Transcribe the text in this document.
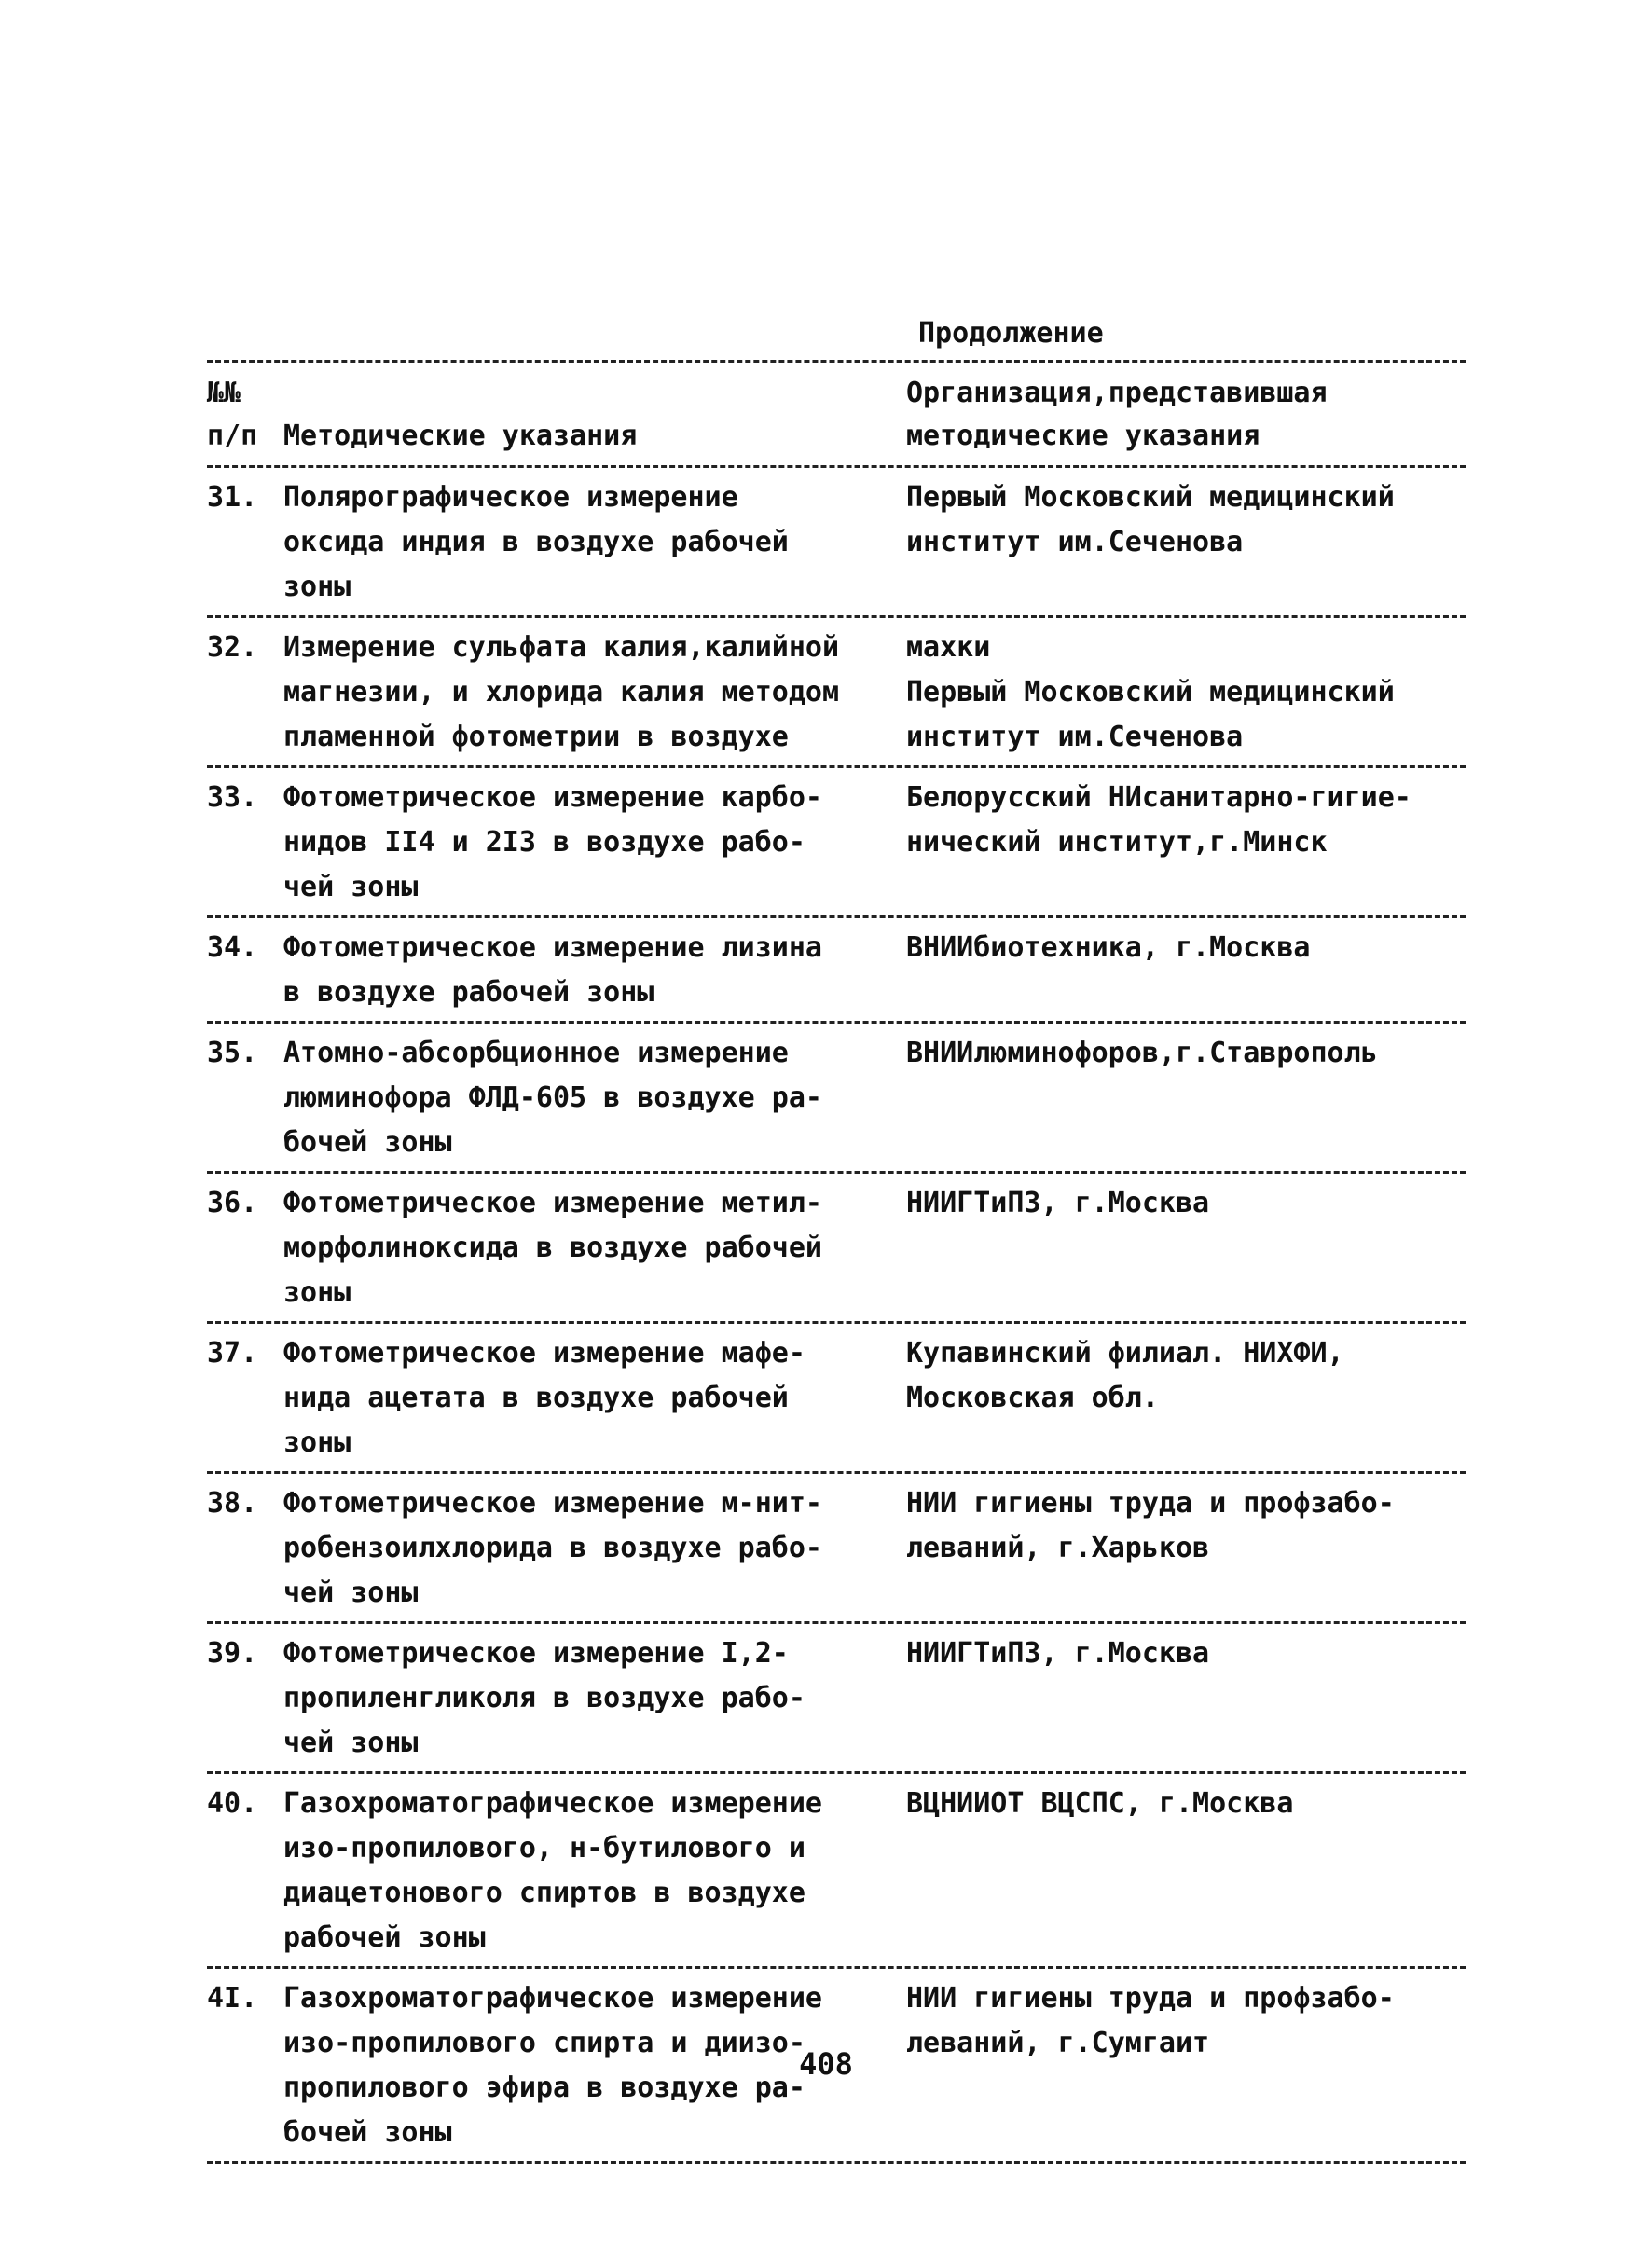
Продолжение
№№
п/п Методические указания
Организация,представившая
методические указания
31. Полярографическое измерение
оксида индия в воздухе рабочей
зоны
Первый Московский медицинский
институт им.Сеченова
32. Измерение сульфата калия,калийной
магнезии, и хлорида калия методом
пламенной фотометрии в воздухе
махки
Первый Московский медицинский
институт им.Сеченова
33. Фотометрическое измерение карбо-
нидов II4 и 2I3 в воздухе рабо-
чей зоны
Белорусский НИсанитарно-гигие-
нический институт,г.Минск
34. Фотометрическое измерение лизина
в воздухе рабочей зоны
ВНИИбиотехника, г.Москва
35. Атомно-абсорбционное измерение
люминофора ФЛД-605 в воздухе ра-
бочей зоны
ВНИИлюминофоров,г.Ставрополь
36. Фотометрическое измерение метил-
морфолиноксида в воздухе рабочей
зоны
НИИГТиПЗ, г.Москва
37. Фотометрическое измерение мафе-
нида ацетата в воздухе рабочей
зоны
Купавинский филиал. НИХФИ,
Московская обл.
38. Фотометрическое измерение м-нит-
робензоилхлорида в воздухе рабо-
чей зоны
НИИ гигиены труда и профзабо-
леваний, г.Харьков
39. Фотометрическое измерение I,2-
пропиленгликоля в воздухе рабо-
чей зоны
НИИГТиПЗ, г.Москва
40. Газохроматографическое измерение
изо-пропилового, н-бутилового и
диацетонового спиртов в воздухе
рабочей зоны
ВЦНИИОТ ВЦСПС, г.Москва
4I. Газохроматографическое измерение
изо-пропилового спирта и диизо-
пропилового эфира в воздухе ра-
бочей зоны
НИИ гигиены труда и профзабо-
леваний, г.Сумгаит
408
